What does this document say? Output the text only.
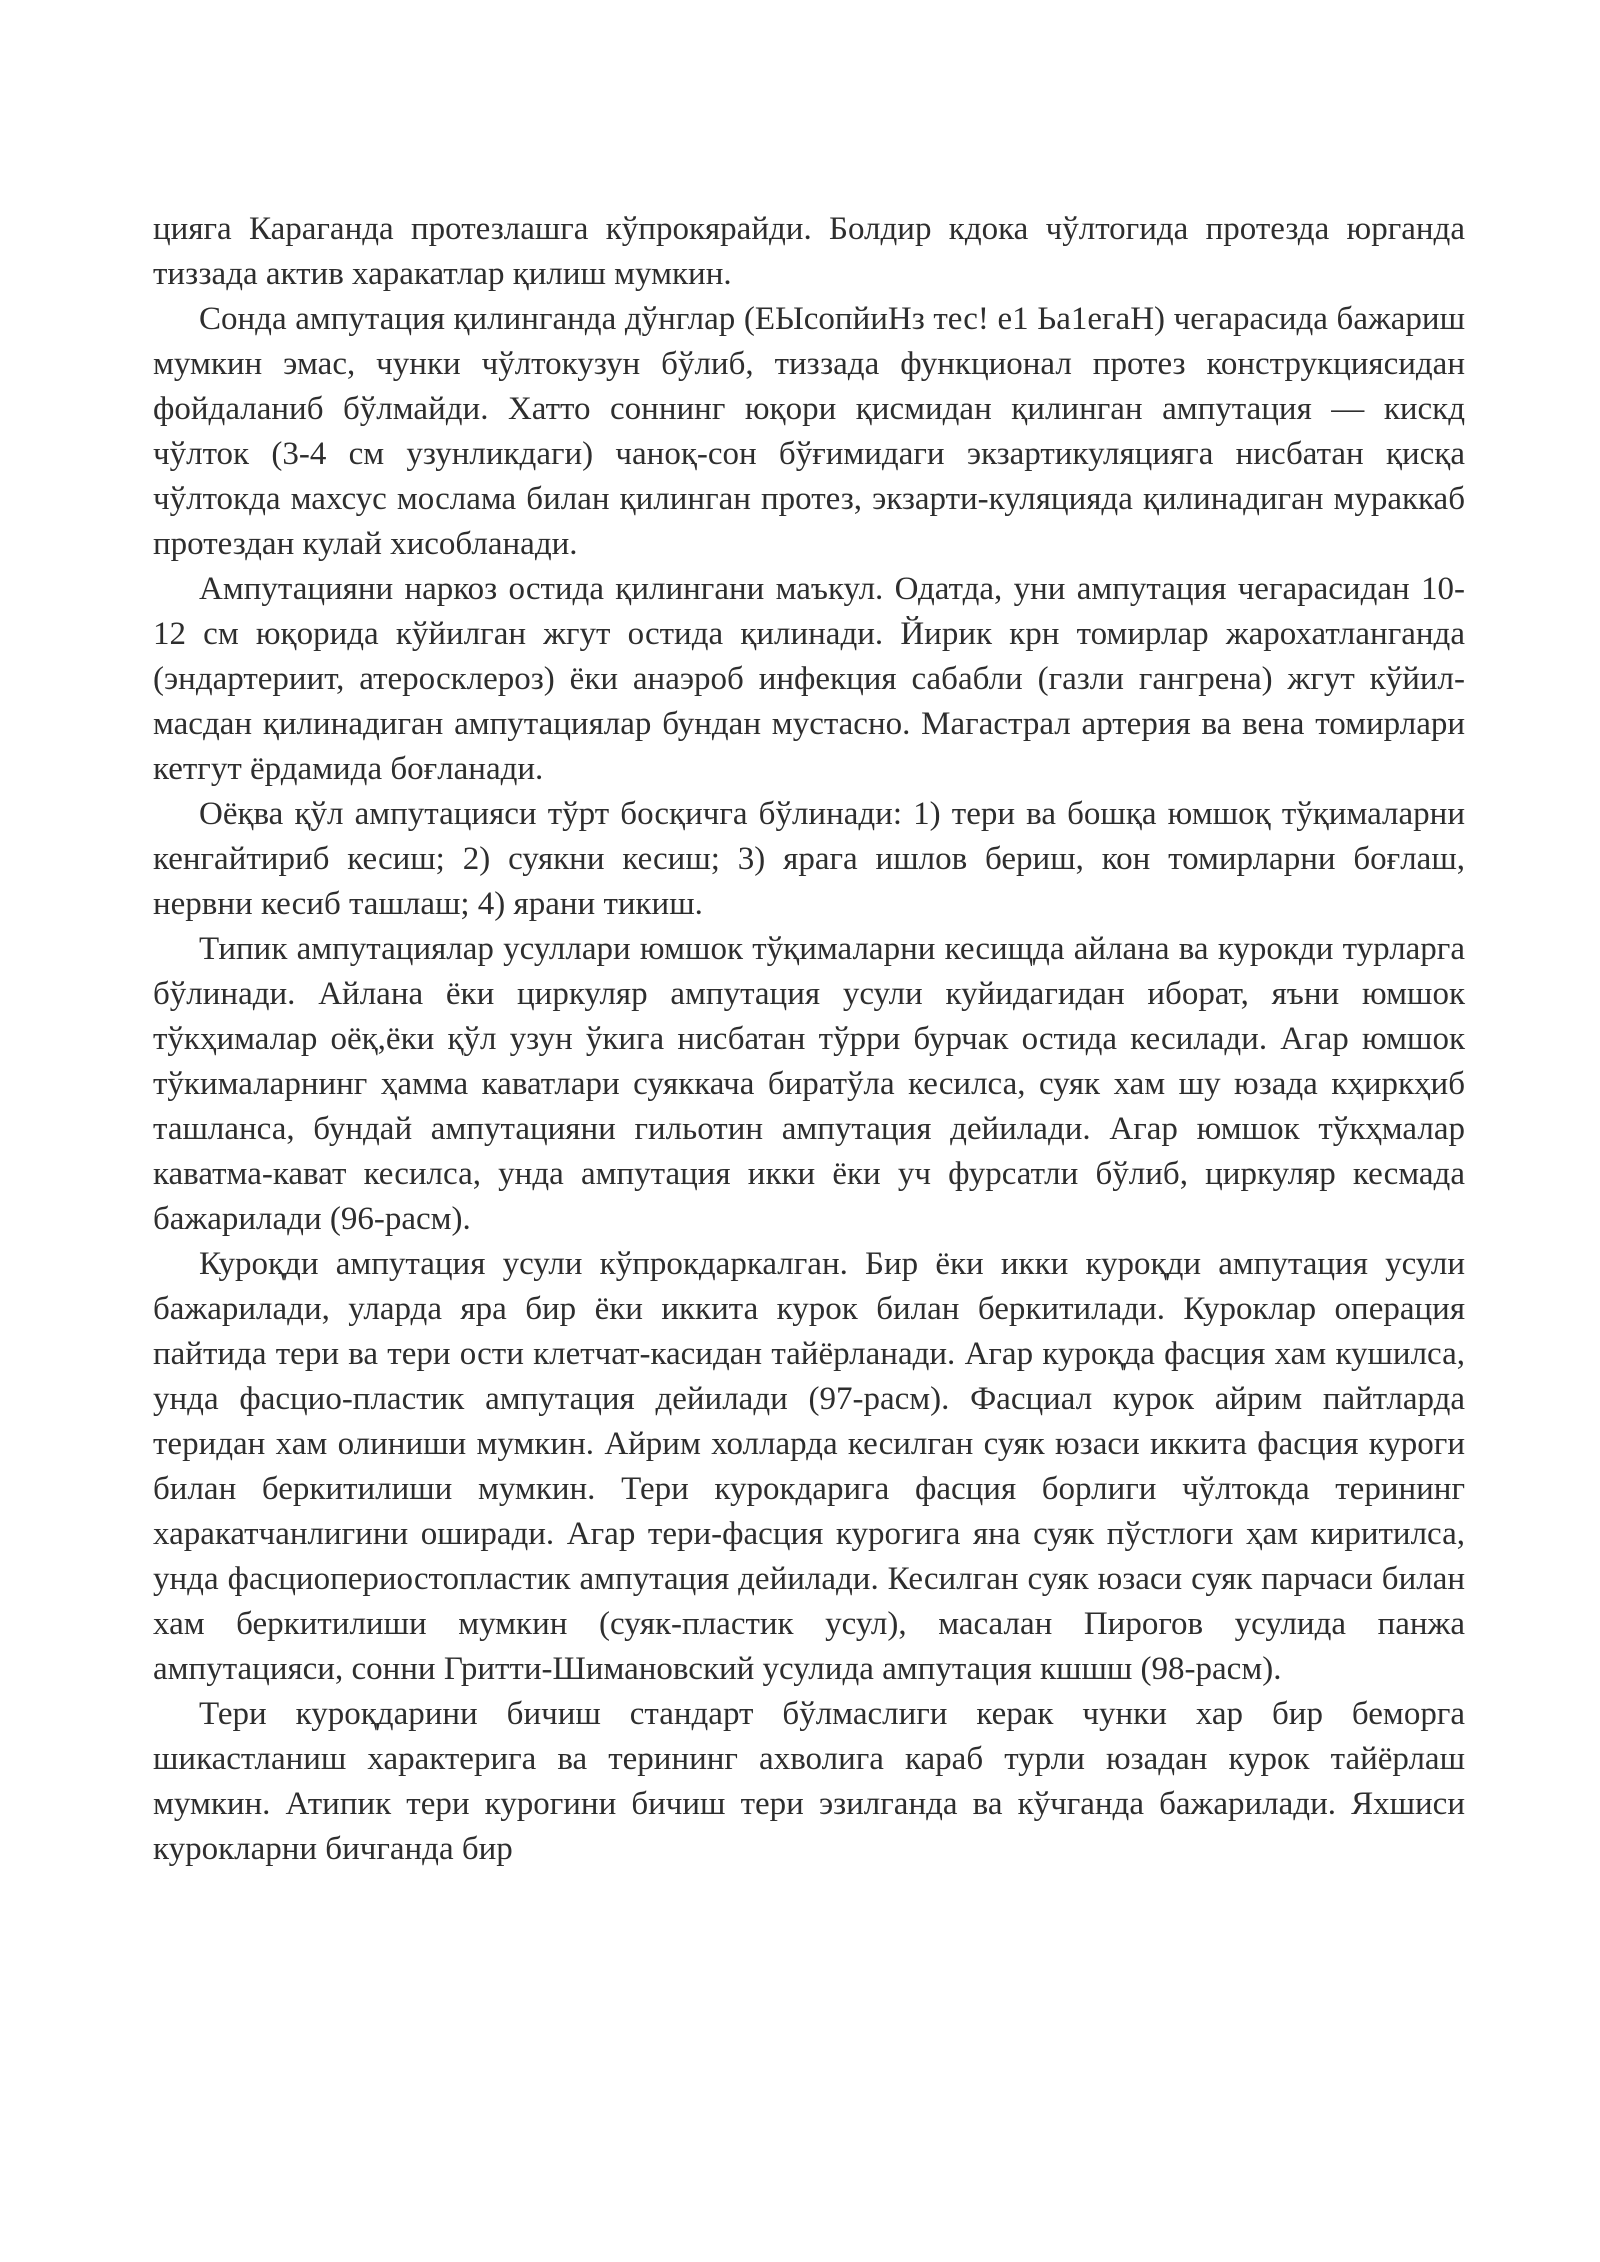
цияга Караганда протезлашга кўпрокярайди. Болдир кдока чўлтогида протезда юрганда тиззада актив харакатлар қилиш мумкин.

Сонда ампутация қилинганда дўнглар (ЕЫсопйиНз тес! е1 Ьа1егаН) чегарасида бажариш мумкин эмас, чунки чўлтокузун бўлиб, тиззада функционал протез конструкциясидан фойдаланиб бўлмайди. Хатто соннинг юқори қисмидан қилинган ампутация — кискд чўлток (3-4 см узунликдаги) чаноқ-сон бўғимидаги экзартикуляцияга нисбатан қисқа чўлтокда махсус мослама билан қилинган протез, экзарти-куляцияда қилинадиган мураккаб протездан кулай хисобланади.

Ампутацияни наркоз остида қилингани маъкул. Одатда, уни ампутация чегарасидан 10-12 см юқорида кўйилган жгут остида қилинади. Йирик крн томирлар жарохатланганда (эндартериит, атеросклероз) ёки анаэроб инфекция сабабли (газли гангрена) жгут кўйил-масдан қилинадиган ампутациялар бундан мустасно. Магастрал артерия ва вена томирлари кетгут ёрдамида боғланади.

Оёқва қўл ампутацияси тўрт босқичга бўлинади: 1) тери ва бошқа юмшоқ тўқималарни кенгайтириб кесиш; 2) суякни кесиш; 3) ярага ишлов бериш, кон томирларни боғлаш, нервни кесиб ташлаш; 4) ярани тикиш.

Типик ампутациялар усуллари юмшок тўқималарни кесищда айлана ва курокди турларга бўлинади. Айлана ёки циркуляр ампутация усули куйидагидан иборат, яъни юмшок тўкҳималар оёқ,ёки қўл узун ўкига нисбатан тўрри бурчак остида кесилади. Агар юмшок тўкималарнинг ҳамма каватлари суяккача биратўла кесилса, суяк хам шу юзада кҳиркҳиб ташланса, бундай ампутацияни гильотин ампутация дейилади. Агар юмшок тўкҳмалар каватма-кават кесилса, унда ампутация икки ёки уч фурсатли бўлиб, циркуляр кесмада бажарилади (96-расм).

Куроқди ампутация усули кўпрокдаркалган. Бир ёки икки куроқди ампутация усули бажарилади, уларда яра бир ёки иккита курок билан беркитилади. Куроклар операция пайтида тери ва тери ости клетчат-касидан тайёрланади. Агар куроқда фасция хам кушилса, унда фасцио-пластик ампутация дейилади (97-расм). Фасциал курок айрим пайтларда теридан хам олиниши мумкин. Айрим холларда кесилган суяк юзаси иккита фасция куроги билан беркитилиши мумкин. Тери курокдарига фасция борлиги чўлтокда терининг харакатчанлигини оширади. Агар тери-фасция курогига яна суяк пўстлоги ҳам киритилса, унда фасциопериостопластик ампутация дейилади. Кесилган суяк юзаси суяк парчаси билан хам беркитилиши мумкин (суяк-пластик усул), масалан Пирогов усулида панжа ампутацияси, сонни Гритти-Шимановский усулида ампутация кшшш (98-расм).

Тери куроқдарини бичиш стандарт бўлмаслиги керак чунки хар бир беморга шикастланиш характерига ва терининг ахволига караб турли юзадан курок тайёрлаш мумкин. Атипик тери курогини бичиш тери эзилганда ва кўчганда бажарилади. Яхшиси курокларни бичганда бир
